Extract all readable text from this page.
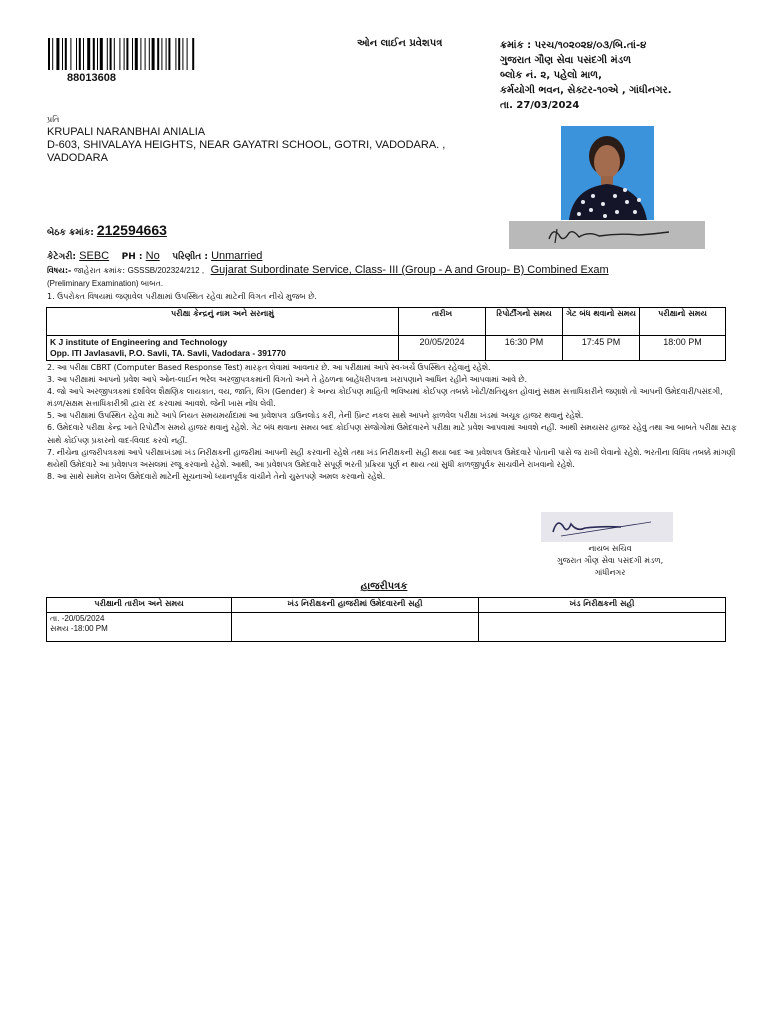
88013608
ઓન લાઈન પ્રવેશપત્ર	ક્રમાંક : પરચ/૧૦૨૦૨૪/૦૩/બિ.તાં-૪
ગુજરાત ગૌણ સેવા પસંદગી મંડળ
બ્લોક નં. ૨, પહેલો માળ,
કર્મયોગી ભવન, સેક્ટર-૧૦એ , ગાંધીનગર.
તા. 27/03/2024
પ્રતિ
KRUPALI NARANBHAI ANIALIA
D-603, SHIVALAYA HEIGHTS, NEAR GAYATRI SCHOOL, GOTRI, VADODARA. ,
VADODARA
બેઠક ક્રમાંક: 212594663
કેટેગરી: SEBC PH : No પરિણીત : Unmarried
વિષય:- જાહેરાત ક્રમાંક: GSSSB/202324/212 , Gujarat Subordinate Service, Class- III (Group - A and Group- B) Combined Exam
(Preliminary Examination) બાબત.
1. ઉપરોક્ત વિષયમાં જણાવેલ પરીક્ષામાં ઉપસ્થિત રહેવા માટેની વિગત નીચે મુજબ છે.
પરીક્ષા કેન્દ્રનું નામ અને સરનામું	તારીખ	રિપોર્ટીંગનો સમય	ગેટ બંધ થવાનો સમય	પરીક્ષાનો સમય

K J institute of Engineering and Technology
Opp. ITI Javlasavli, P.O. Savli, TA. Savli, Vadodara - 391770	20/05/2024	16:30 PM	17:45 PM	18:00 PM

2. આ પરીક્ષા CBRT (Computer Based Response Test) મારફત લેવામાં આવનાર છે. આ પરીક્ષામાં આપે સ્વ-ખર્ચે ઉપસ્થિત રહેવાનું રહેશે.

3. આ પરીક્ષામાં આપનો પ્રવેશ આપે ઓન-લાઈન ભરેલ અરજીપત્રકમાંની વિગતો અને તે હેઠળના બાહેંધરીપત્રના ખરાપણાને આધિન રહીને આપવામાં આવે છે.

4. જો આપે અરજીપત્રકમાં દર્શાવેલ શૈક્ષણિક લાયકાત, વય, જાતિ, લિંગ (Gender) કે અન્ય કોઈપણ માહિતી ભવિષ્યમાં કોઈપણ તબક્કે ખોટી/ક્ષતિયુક્ત હોવાનું સક્ષમ સત્તાધિકારીને જણાશે તો આપની ઉમેદવારી/પસંદગી, મંડળ/સક્ષમ સત્તાધિકારીશ્રી દ્વારા રદ કરવામાં આવશે. જેની ખાસ નોંધ લેવી.

5. આ પરીક્ષામાં ઉપસ્થિત રહેવા માટે આપે નિયત સમયમર્યાદામાં આ પ્રવેશપત્ર ડાઉનલોડ કરી, તેની પ્રિન્ટ નકલ સાથે આપને ફાળવેલ પરીક્ષા ખંડમાં અચૂક હાજર થવાનું રહેશે.

6. ઉમેદવારે પરીક્ષા કેન્દ્ર ખાતે રિપોર્ટીંગ સમયે હાજર થવાનું રહેશે. ગેટ બંધ થવાના સમય બાદ કોઈપણ સંજોગોમાં ઉમેદવારને પરીક્ષા માટે પ્રવેશ આપવામાં આવશે નહીં. આથી સમયસર હાજર રહેવું તથા આ બાબતે પરીક્ષા સ્ટાફ સાથે કોઈપણ પ્રકારનો વાદ-વિવાદ કરવો નહીં.

7. નીચેના હાજરીપત્રકમાં આપે પરીક્ષાખંડમાં ખંડ નિરીક્ષકની હાજરીમાં આપની સહી કરવાની રહેશે તથા ખંડ નિરીક્ષકની સહી થયા બાદ આ પ્રવેશપત્ર ઉમેદવારે પોતાની પાસે જ રાખી લેવાનો રહેશે. ભરતીના વિવિધ તબક્કે માંગણી થયેથી ઉમેદવારે આ પ્રવેશપત્ર અસલમાં રજૂ કરવાનો રહેશે. આથી, આ પ્રવેશપત્ર ઉમેદવારે સંપૂર્ણ ભરતી પ્રક્રિયા પૂર્ણ ન થાય ત્યાં સુધી કાળજીપૂર્વક સાચવીને રાખવાનો રહેશે.

8. આ સાથે સામેલ રાખેલ ઉમેદવારો માટેની સૂચનાઓ ધ્યાનપૂર્વક વાંચીને તેનો ચુસ્તપણે અમલ કરવાનો રહેશે.

નાયબ સચિવ
ગુજરાત ગૌણ સેવા પસંદગી મંડળ,
ગાંધીનગર
હાજરીપત્રક
પરીક્ષાની તારીખ અને સમય	ખંડ નિરીક્ષકની હાજરીમાં ઉમેદવારની સહી	ખંડ નિરીક્ષકની સહી

તા. -20/05/2024
સમય -18:00 PM		
